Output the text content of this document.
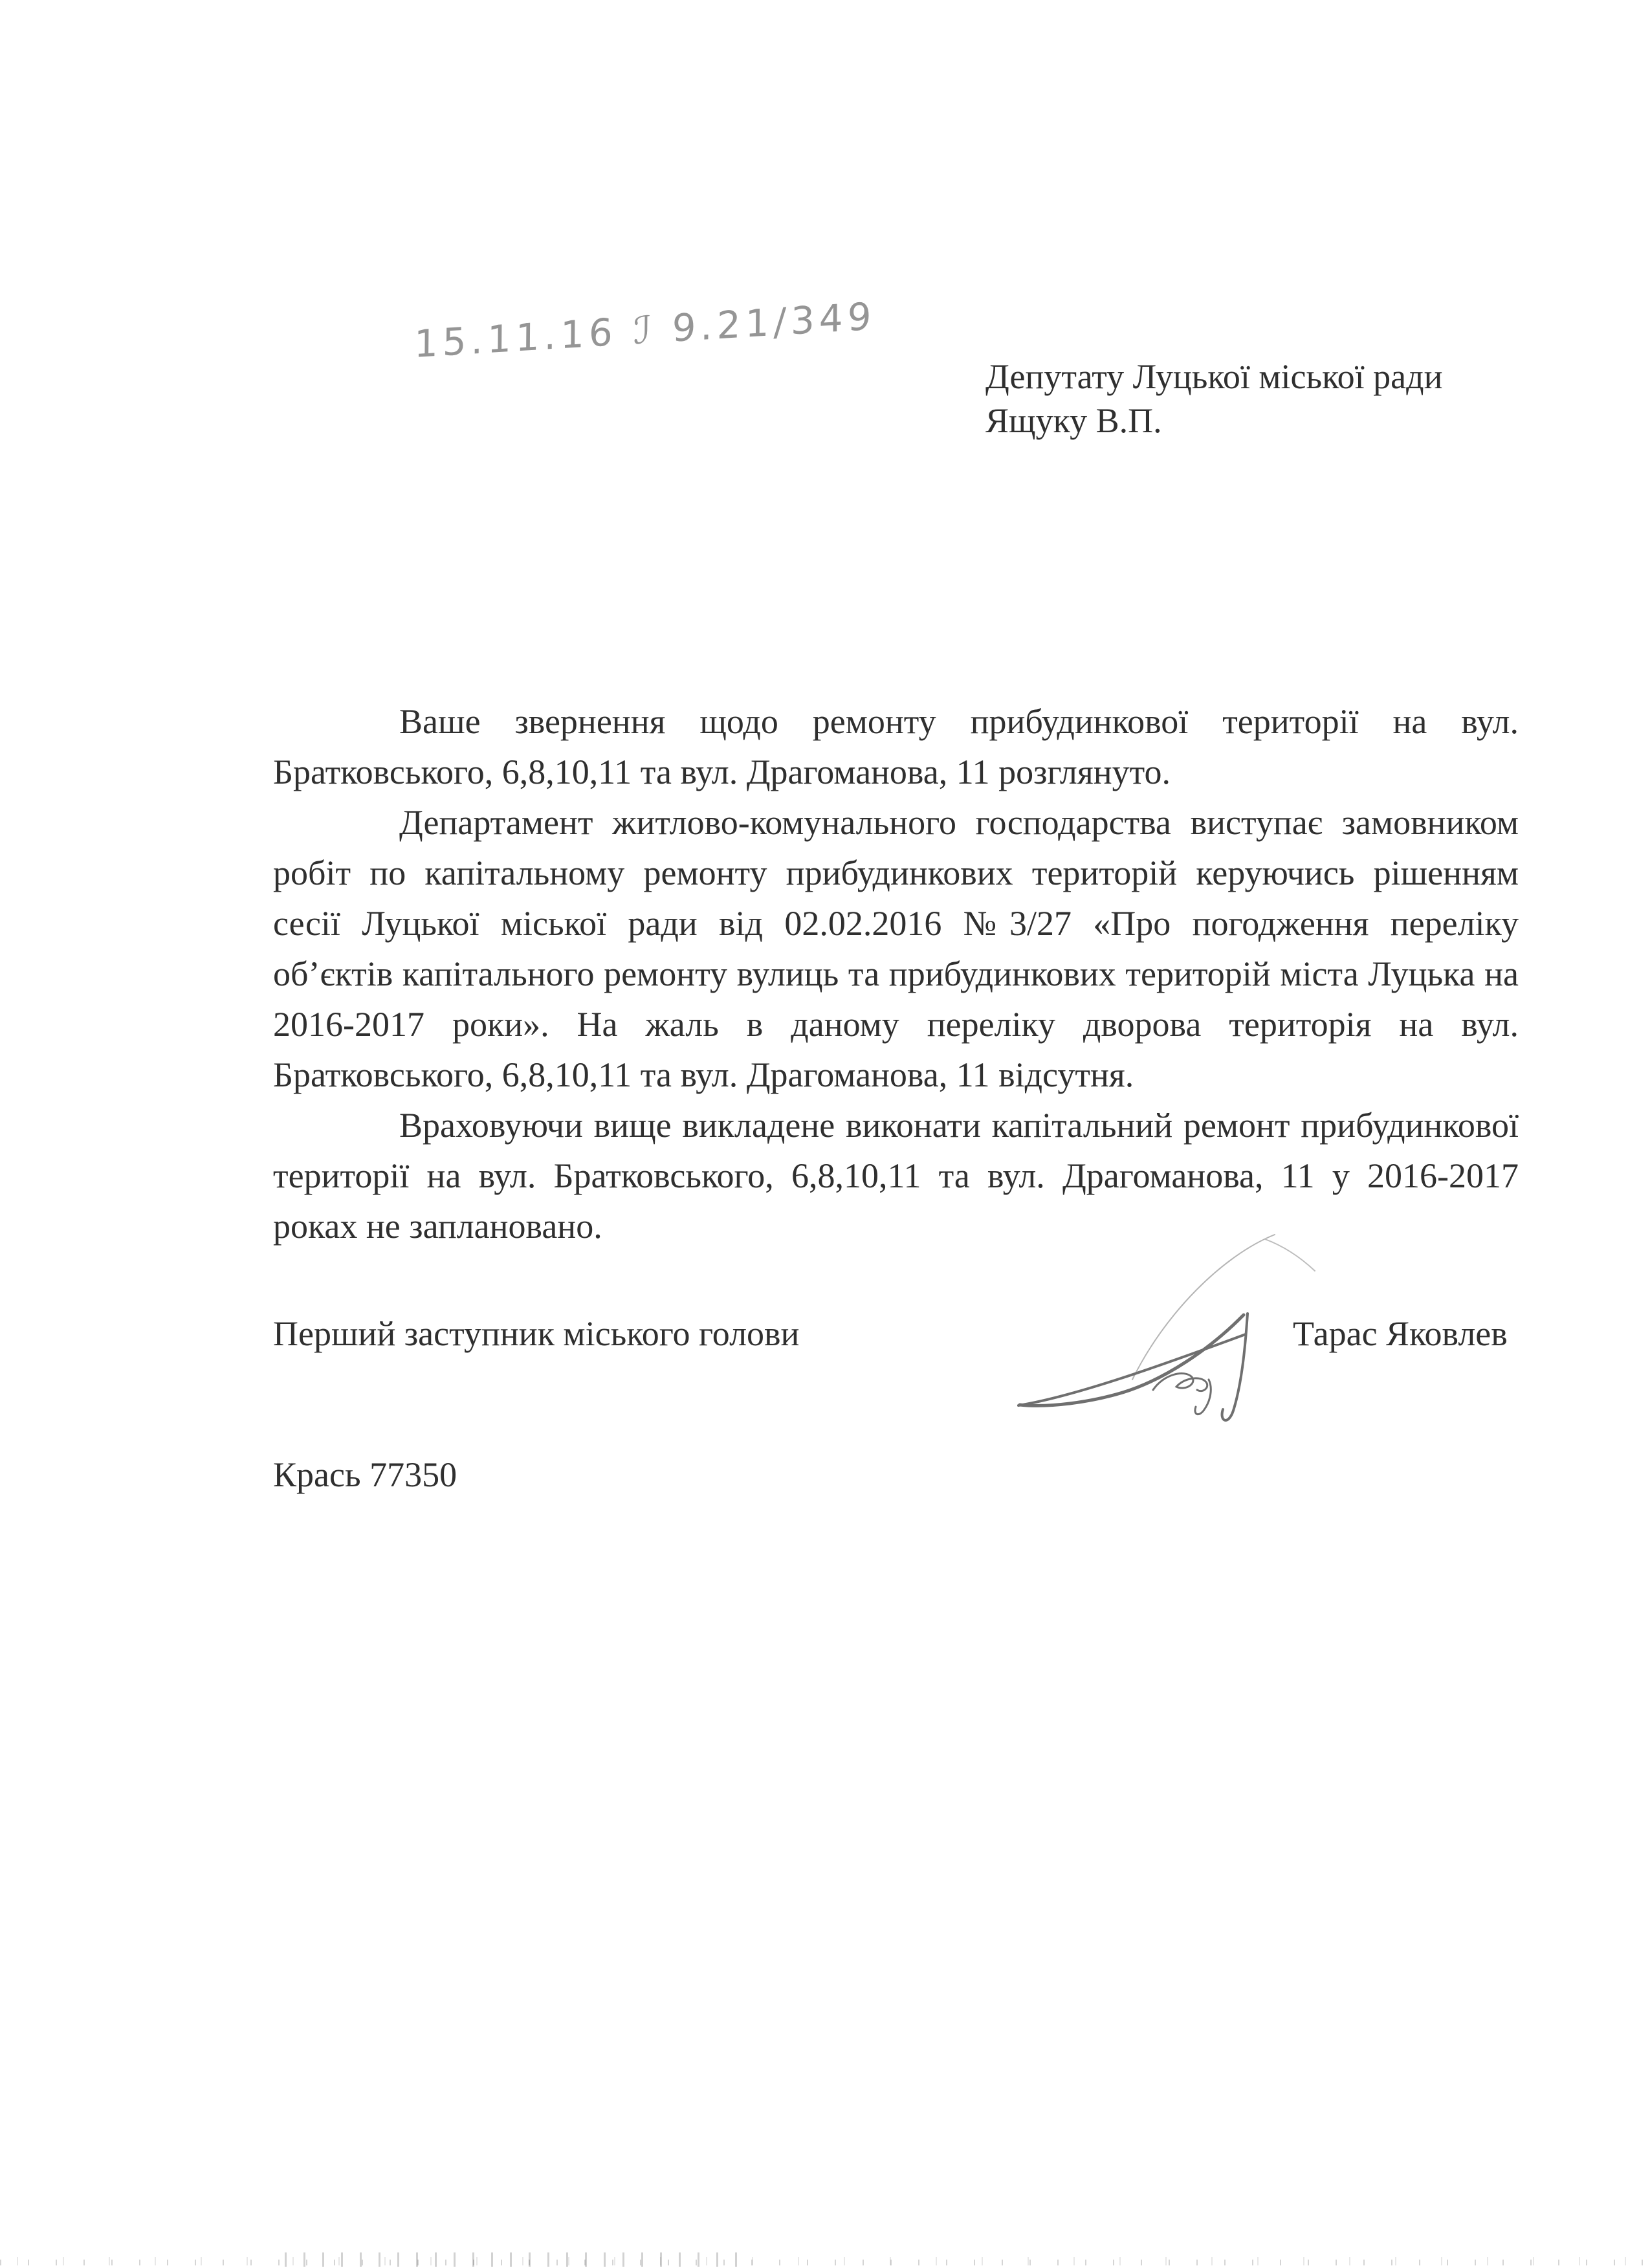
15.11.16 ℐ 9.21/349
Депутату Луцької міської ради
Ящуку В.П.

Ваше звернення щодо ремонту прибудинкової території на вул. Братковського, 6,8,10,11 та вул. Драгоманова, 11 розглянуто.

Департамент житлово-комунального господарства виступає замовником робіт по капітальному ремонту прибудинкових територій керуючись рішенням сесії Луцької міської ради від 02.02.2016 №3/27 «Про погодження переліку об’єктів капітального ремонту вулиць та прибудинкових територій міста Луцька на 2016-2017 роки». На жаль в даному переліку дворова територія на вул. Братковського, 6,8,10,11 та вул. Драгоманова, 11 відсутня.

Враховуючи вище викладене виконати капітальний ремонт прибудинкової території на вул. Братковського, 6,8,10,11 та вул. Драгоманова, 11 у 2016-2017 роках не заплановано.

Перший заступник міського голови	Тарас Яковлев
Крась 77350
